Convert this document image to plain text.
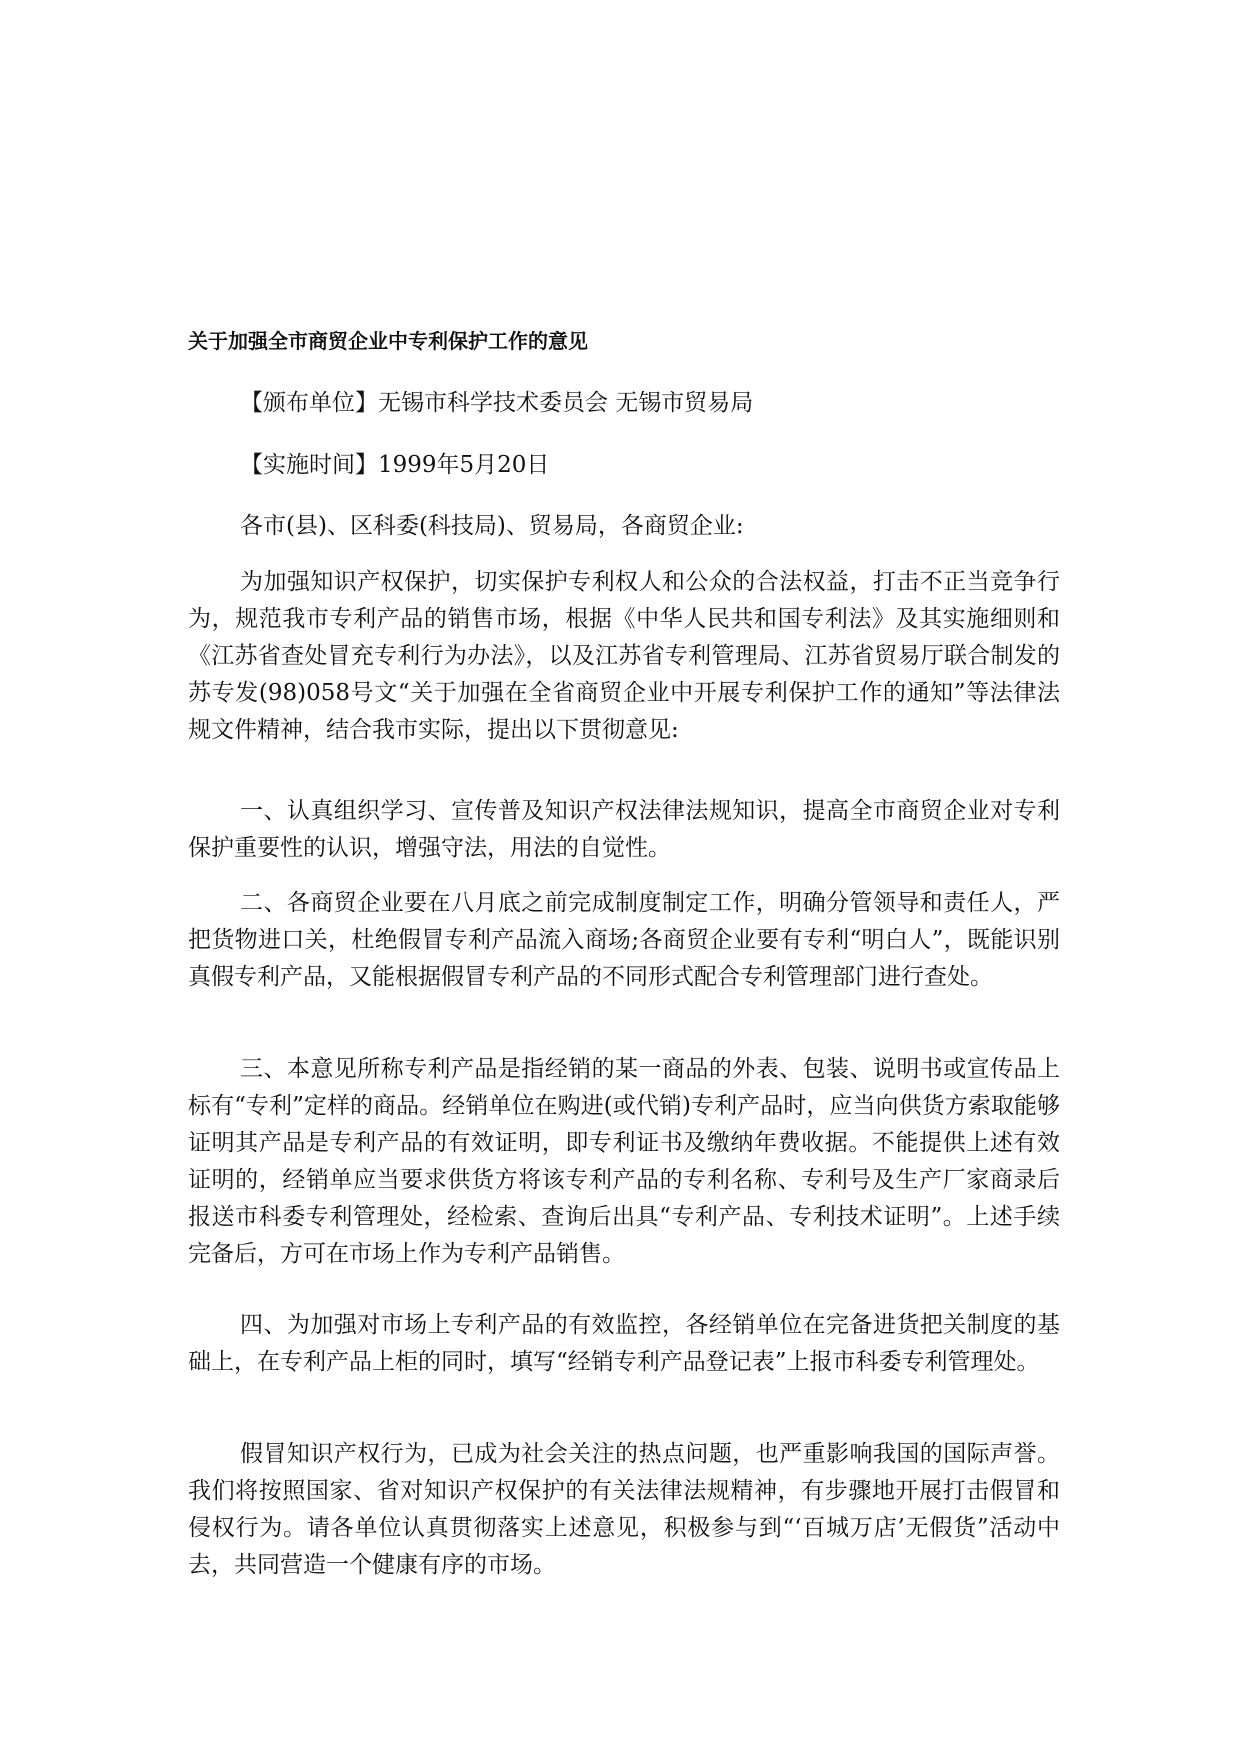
关于加强全市商贸企业中专利保护工作的意见

【颁布单位】无锡市科学技术委员会 无锡市贸易局

【实施时间】1999年5月20日

各市(县)、区科委(科技局)、贸易局，各商贸企业:

为加强知识产权保护，切实保护专利权人和公众的合法权益，打击不正当竞争行为，规范我市专利产品的销售市场，根据《中华人民共和国专利法》及其实施细则和《江苏省查处冒充专利行为办法》，以及江苏省专利管理局、江苏省贸易厅联合制发的苏专发(98)058号文“关于加强在全省商贸企业中开展专利保护工作的通知”等法律法规文件精神，结合我市实际，提出以下贯彻意见:

一、认真组织学习、宣传普及知识产权法律法规知识，提高全市商贸企业对专利保护重要性的认识，增强守法，用法的自觉性。

二、各商贸企业要在八月底之前完成制度制定工作，明确分管领导和责任人，严把货物进口关，杜绝假冒专利产品流入商场;各商贸企业要有专利“明白人”，既能识别真假专利产品，又能根据假冒专利产品的不同形式配合专利管理部门进行查处。

三、本意见所称专利产品是指经销的某一商品的外表、包装、说明书或宣传品上标有“专利”定样的商品。经销单位在购进(或代销)专利产品时，应当向供货方索取能够证明其产品是专利产品的有效证明，即专利证书及缴纳年费收据。不能提供上述有效证明的，经销单应当要求供货方将该专利产品的专利名称、专利号及生产厂家商录后报送市科委专利管理处，经检索、查询后出具“专利产品、专利技术证明”。上述手续完备后，方可在市场上作为专利产品销售。

四、为加强对市场上专利产品的有效监控，各经销单位在完备进货把关制度的基础上，在专利产品上柜的同时，填写“经销专利产品登记表”上报市科委专利管理处。

假冒知识产权行为，已成为社会关注的热点问题，也严重影响我国的国际声誉。我们将按照国家、省对知识产权保护的有关法律法规精神，有步骤地开展打击假冒和侵权行为。请各单位认真贯彻落实上述意见，积极参与到“‘百城万店’无假货”活动中去，共同营造一个健康有序的市场。
